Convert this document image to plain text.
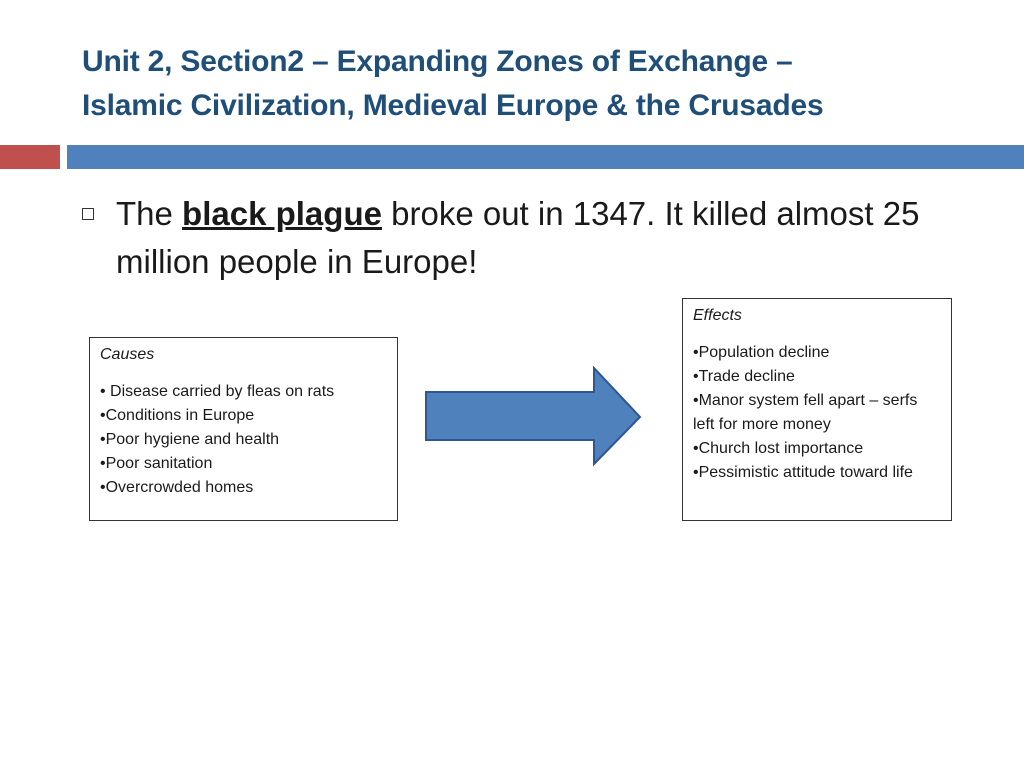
Unit 2, Section2 – Expanding Zones of Exchange –
Islamic Civilization, Medieval Europe & the Crusades
The black plague broke out in 1347. It killed almost 25 million people in Europe!
Causes
• Disease carried by fleas on rats
•Conditions in Europe
•Poor hygiene and health
•Poor sanitation
•Overcrowded homes
Effects
•Population decline
•Trade decline
•Manor system fell apart – serfs left for more money
•Church lost importance
•Pessimistic attitude toward life
